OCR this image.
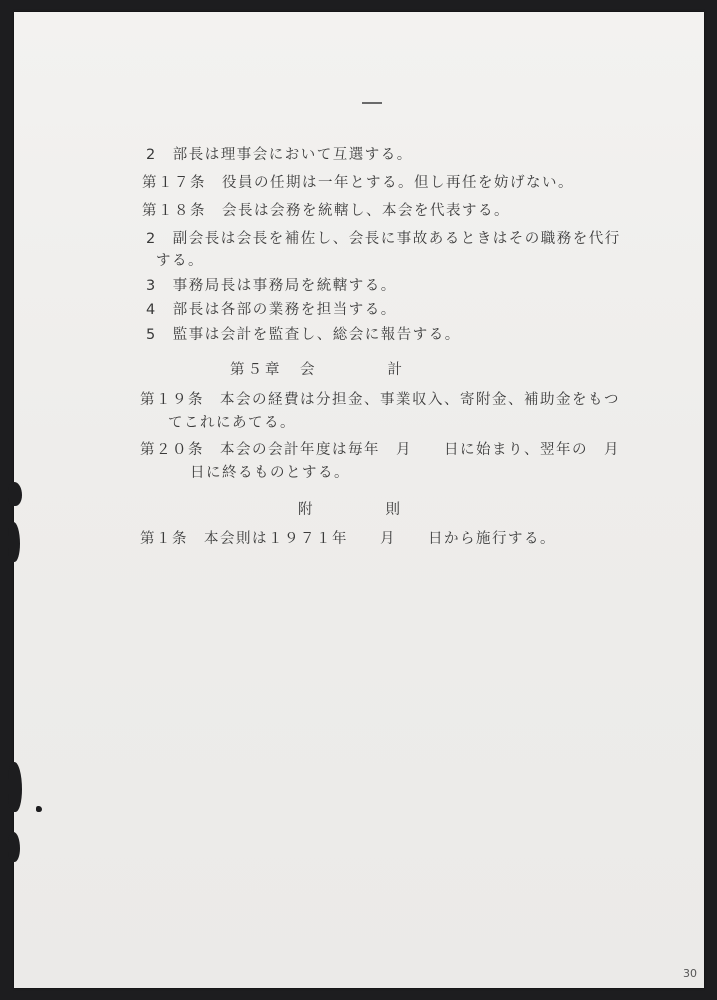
2　部長は理事会において互選する。
第１７条　役員の任期は一年とする。但し再任を妨げない。
第１８条　会長は会務を統轄し、本会を代表する。
2　副会長は会長を補佐し、会長に事故あるときはその職務を代行
する。
3　事務局長は事務局を統轄する。
4　部長は各部の業務を担当する。
5　監事は会計を監査し、総会に報告する。
第５章　会　　　　計
第１９条　本会の経費は分担金、事業収入、寄附金、補助金をもつ
てこれにあてる。
第２０条　本会の会計年度は毎年　月　　日に始まり、翌年の　月
日に終るものとする。
附　　　　則
第１条　本会則は１９７１年　　月　　日から施行する。
30
